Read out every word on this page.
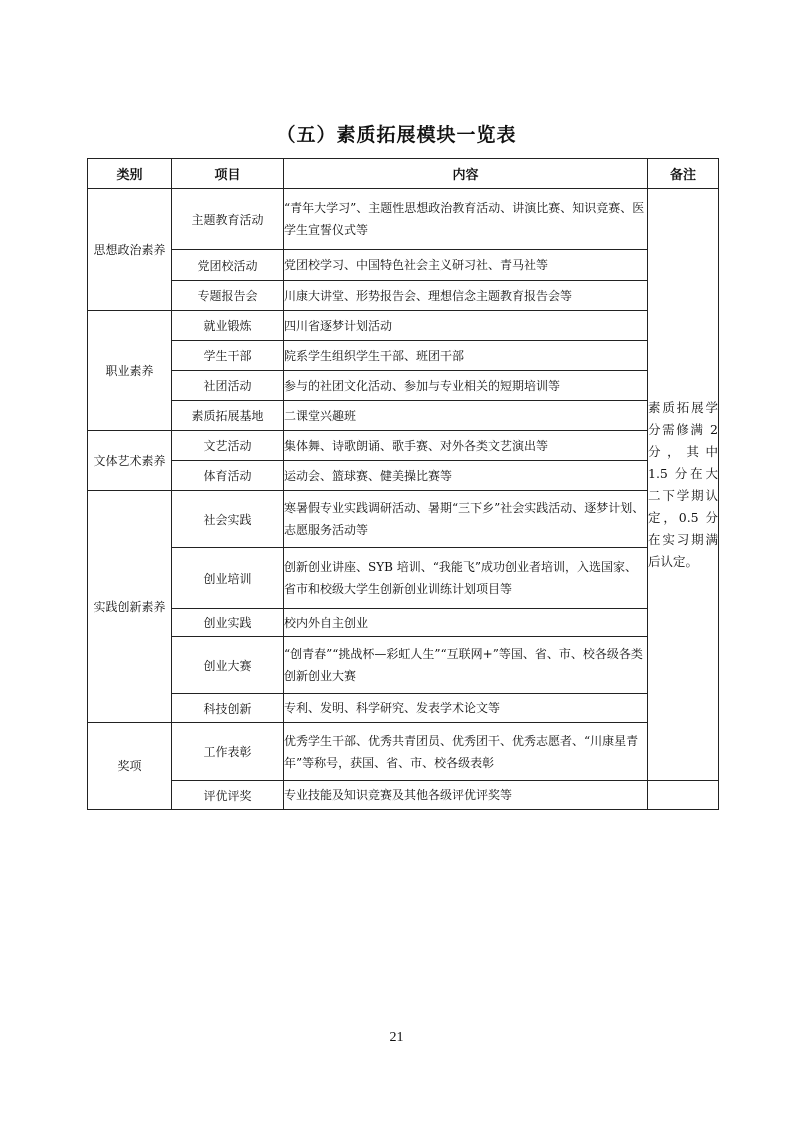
（五）素质拓展模块一览表
类别	项目	内容	备注
思想政治素养	主题教育活动	“青年大学习”、主题性思想政治教育活动、讲演比赛、知识竞赛、医学生宣誓仪式等	素质拓展学分需修满 2 分，其中 1.5 分在大二下学期认定，0.5 分在实习期满后认定。
	党团校活动	党团校学习、中国特色社会主义研习社、青马社等	
	专题报告会	川康大讲堂、形势报告会、理想信念主题教育报告会等	
职业素养	就业锻炼	四川省逐梦计划活动	
	学生干部	院系学生组织学生干部、班团干部	
	社团活动	参与的社团文化活动、参加与专业相关的短期培训等	
	素质拓展基地	二课堂兴趣班	
文体艺术素养	文艺活动	集体舞、诗歌朗诵、歌手赛、对外各类文艺演出等	
	体育活动	运动会、篮球赛、健美操比赛等	
实践创新素养	社会实践	寒暑假专业实践调研活动、暑期“三下乡”社会实践活动、逐梦计划、志愿服务活动等	
	创业培训	创新创业讲座、SYB 培训、“我能飞”成功创业者培训，入选国家、省市和校级大学生创新创业训练计划项目等	
	创业实践	校内外自主创业	
	创业大赛	“创青春”“挑战杯—彩虹人生”“互联网+”等国、省、市、校各级各类创新创业大赛	
	科技创新	专利、发明、科学研究、发表学术论文等	
奖项	工作表彰	优秀学生干部、优秀共青团员、优秀团干、优秀志愿者、“川康星青年”等称号，获国、省、市、校各级表彰	
	评优评奖	专业技能及知识竞赛及其他各级评优评奖等	
21
